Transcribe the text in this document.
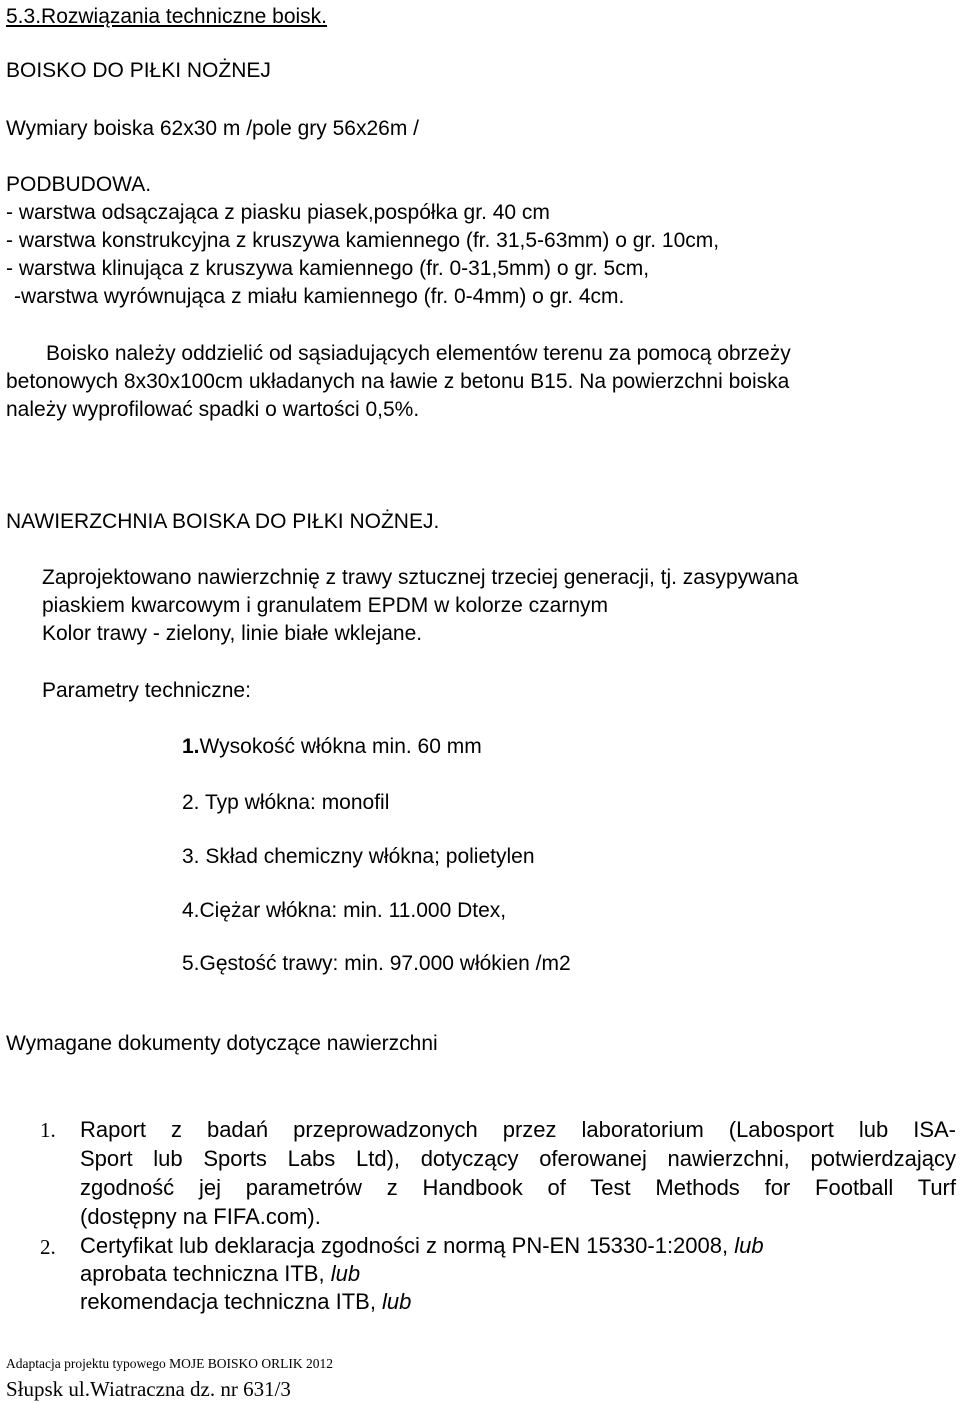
5.3.Rozwiązania techniczne boisk.
BOISKO DO PIŁKI NOŻNEJ
Wymiary boiska 62x30 m /pole gry 56x26m /
PODBUDOWA.
- warstwa odsączająca z piasku piasek,pospółka gr. 40 cm
- warstwa konstrukcyjna z kruszywa kamiennego (fr. 31,5-63mm) o gr. 10cm,
- warstwa klinująca z kruszywa kamiennego (fr. 0-31,5mm) o gr. 5cm,
-warstwa wyrównująca z miału kamiennego (fr. 0-4mm) o gr. 4cm.
Boisko należy oddzielić od sąsiadujących elementów terenu za pomocą obrzeży
betonowych 8x30x100cm układanych na ławie z betonu B15. Na powierzchni boiska
należy wyprofilować spadki o wartości 0,5%.
NAWIERZCHNIA BOISKA DO PIŁKI NOŻNEJ.
Zaprojektowano nawierzchnię z trawy sztucznej trzeciej generacji, tj. zasypywana
piaskiem kwarcowym i granulatem EPDM w kolorze czarnym
Kolor trawy - zielony, linie białe wklejane.
Parametry techniczne:
1.Wysokość włókna min. 60 mm
2. Typ włókna: monofil
3. Skład chemiczny włókna; polietylen
4.Ciężar włókna: min. 11.000 Dtex,
5.Gęstość trawy: min. 97.000 włókien /m2
Wymagane dokumenty dotyczące nawierzchni
1. Raport z badań przeprowadzonych przez laboratorium (Labosport lub ISA-
Sport lub Sports Labs Ltd), dotyczący oferowanej nawierzchni, potwierdzający
zgodność jej parametrów z Handbook of Test Methods for Football Turf
(dostępny na FIFA.com).
2. Certyfikat lub deklaracja zgodności z normą PN-EN 15330-1:2008, lub
aprobata techniczna ITB, lub
rekomendacja techniczna ITB, lub
Adaptacja projektu typowego MOJE BOISKO ORLIK 2012
Słupsk ul.Wiatraczna dz. nr 631/3
